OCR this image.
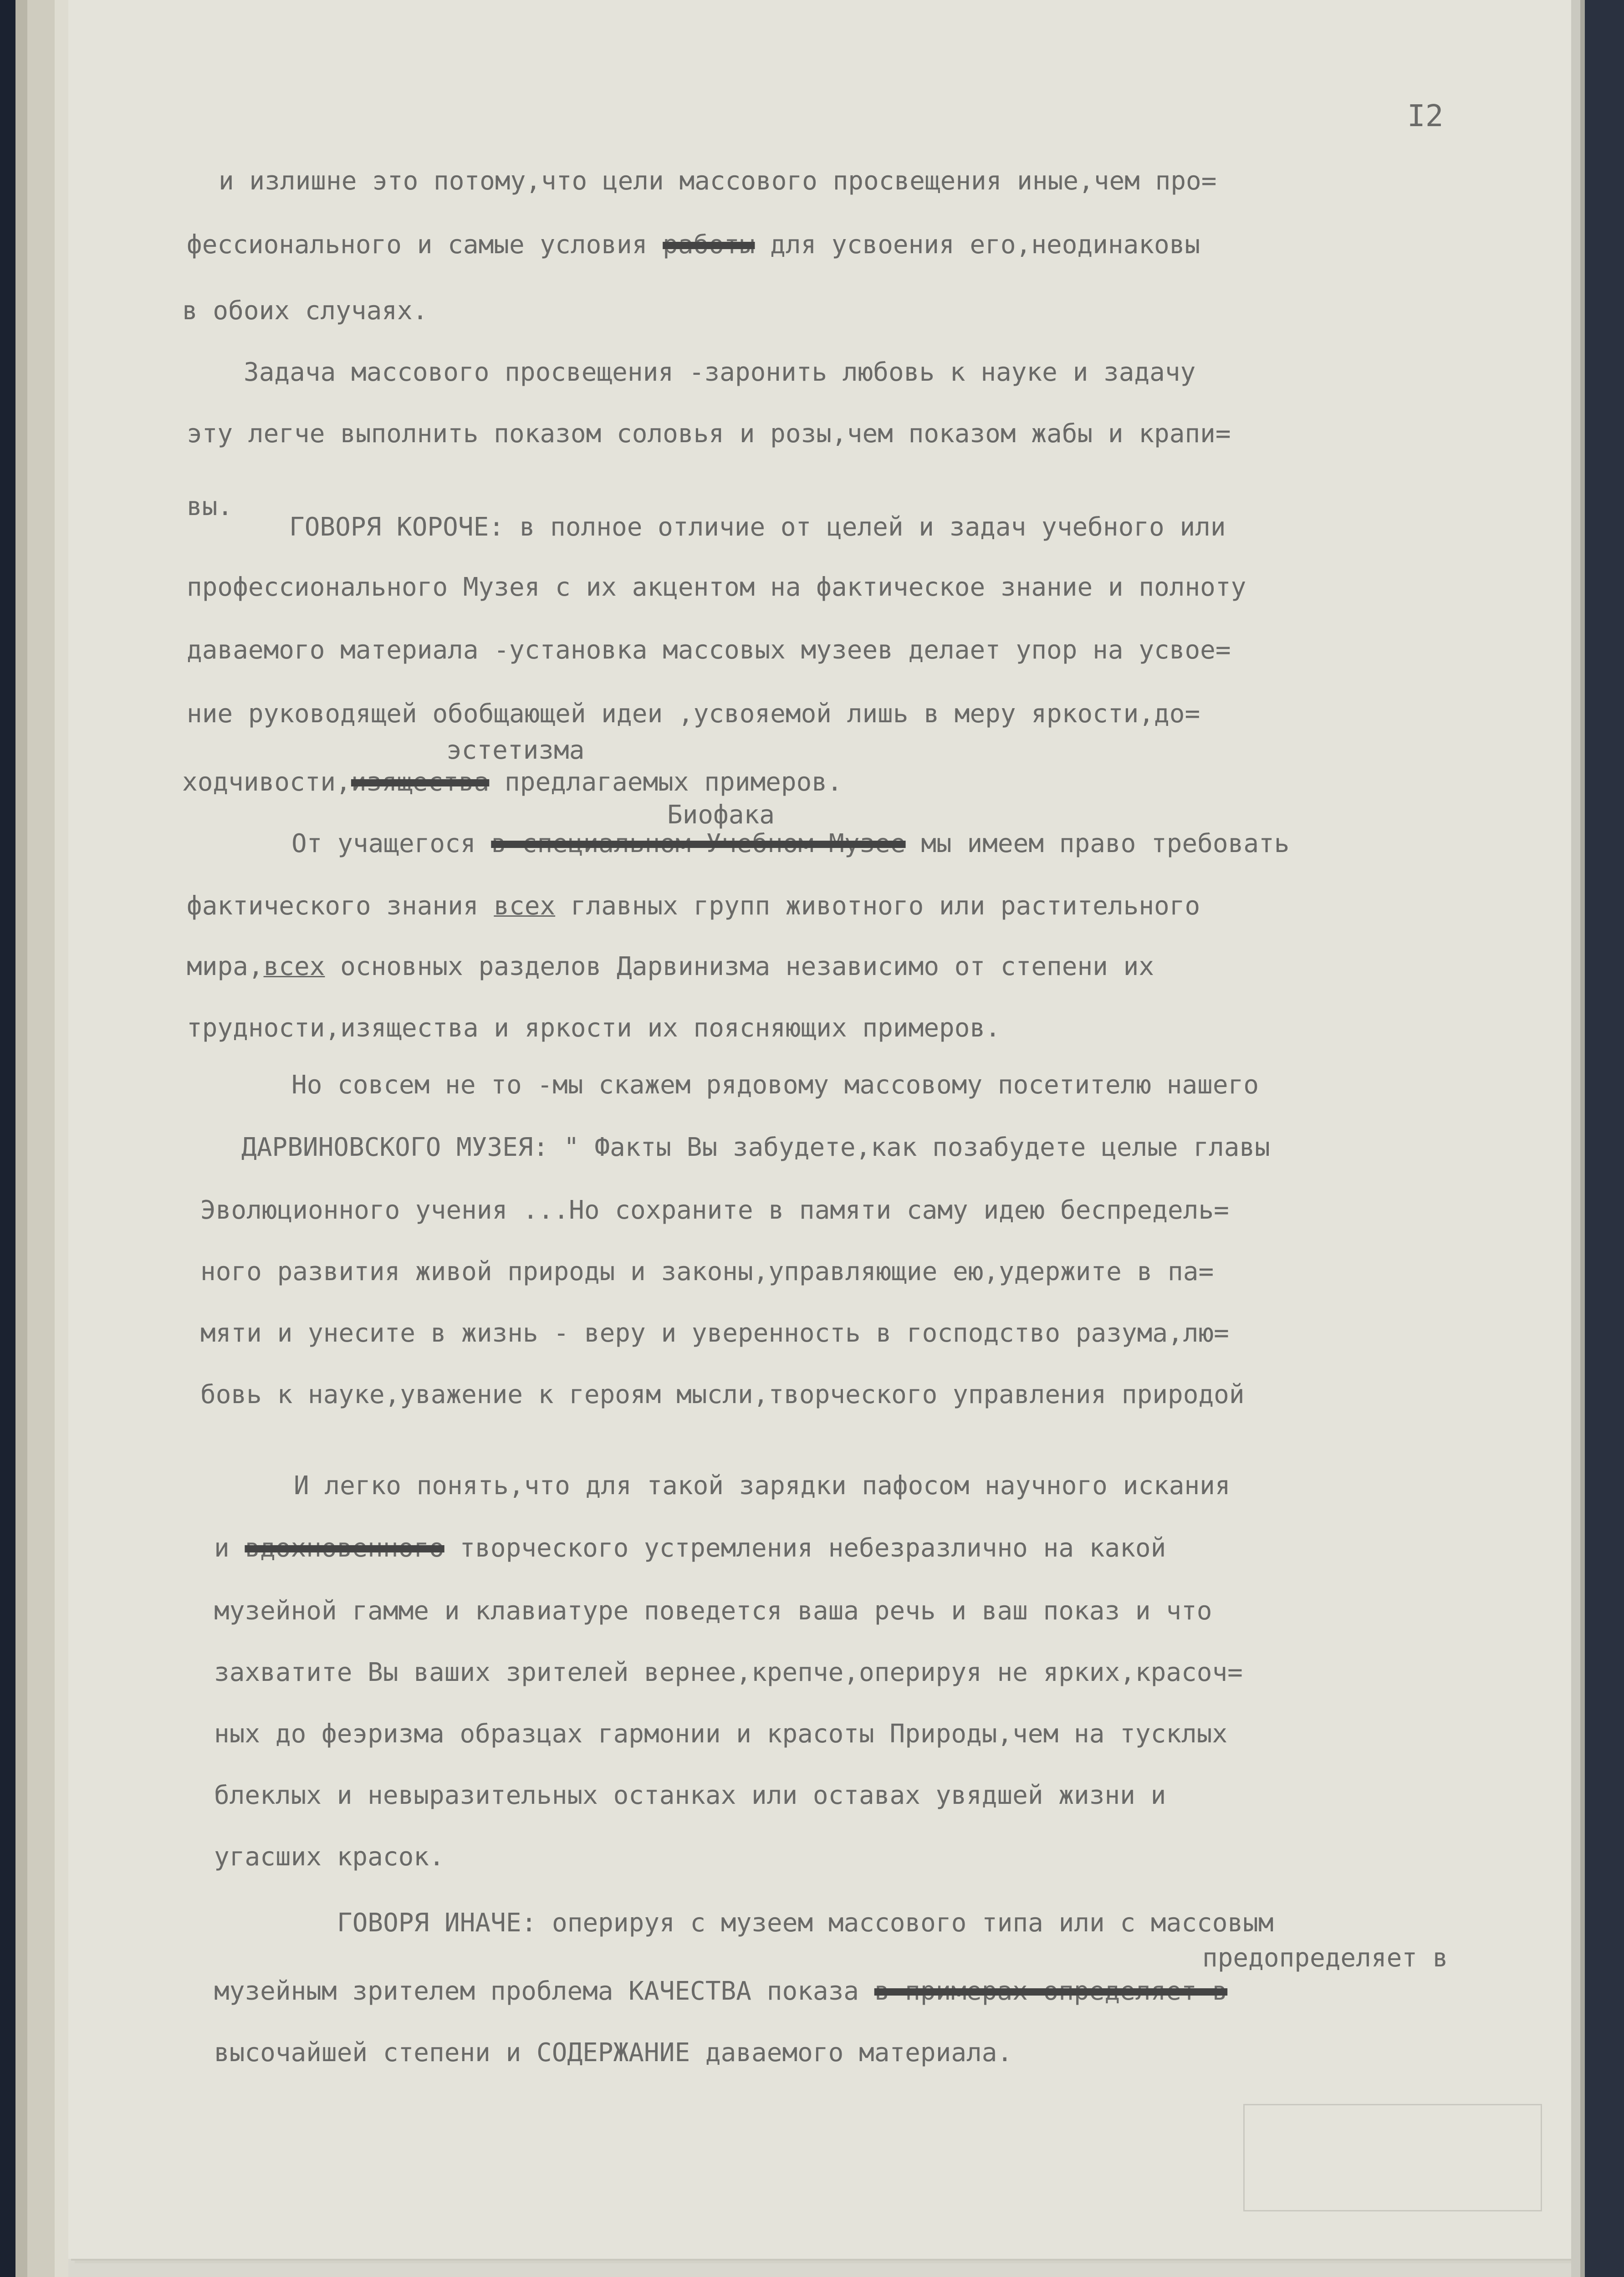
I2
и излишне это потому,что цели массового просвещения иные,чем про=
фессионального и самые условия работы для усвоения его,неодинаковы
в обоих случаях.
Задача массового просвещения -заронить любовь к науке и задачу
эту легче выполнить показом соловья и розы,чем показом жабы и крапи=
вы.
ГОВОРЯ КОРОЧЕ: в полное отличие от целей и задач учебного или
профессионального Музея с их акцентом на фактическое знание и полноту
даваемого материала -установка массовых музеев делает упор на усвое=
ние руководящей обобщающей идеи ,усвояемой лишь в меру яркости,до=
эстетизма
ходчивости,изящества предлагаемых примеров.
Биофака
От учащегося в специальном Учебном Музее мы имеем право требовать
фактического знания всех главных групп животного или растительного
мира,всех основных разделов Дарвинизма независимо от степени их
трудности,изящества и яркости их поясняющих примеров.
Но совсем не то -мы скажем рядовому массовому посетителю нашего
ДАРВИНОВСКОГО МУЗЕЯ: " Факты Вы забудете,как позабудете целые главы
Эволюционного учения ...Но сохраните в памяти саму идею беспредель=
ного развития живой природы и законы,управляющие ею,удержите в па=
мяти и унесите в жизнь - веру и уверенность в господство разума,лю=
бовь к науке,уважение к героям мысли,творческого управления природой
И легко понять,что для такой зарядки пафосом научного искания
и вдохновенного творческого устремления небезразлично на какой
музейной гамме и клавиатуре поведется ваша речь и ваш показ и что
захватите Вы ваших зрителей вернее,крепче,оперируя не ярких,красоч=
ных до феэризма образцах гармонии и красоты Природы,чем на тусклых
блеклых и невыразительных останках или оставах увядшей жизни и
угасших красок.
ГОВОРЯ ИНАЧЕ: оперируя с музеем массового типа или с массовым
предопределяет в
музейным зрителем проблема КАЧЕСТВА показа в примерах определяет в
высочайшей степени и СОДЕРЖАНИЕ даваемого материала.
